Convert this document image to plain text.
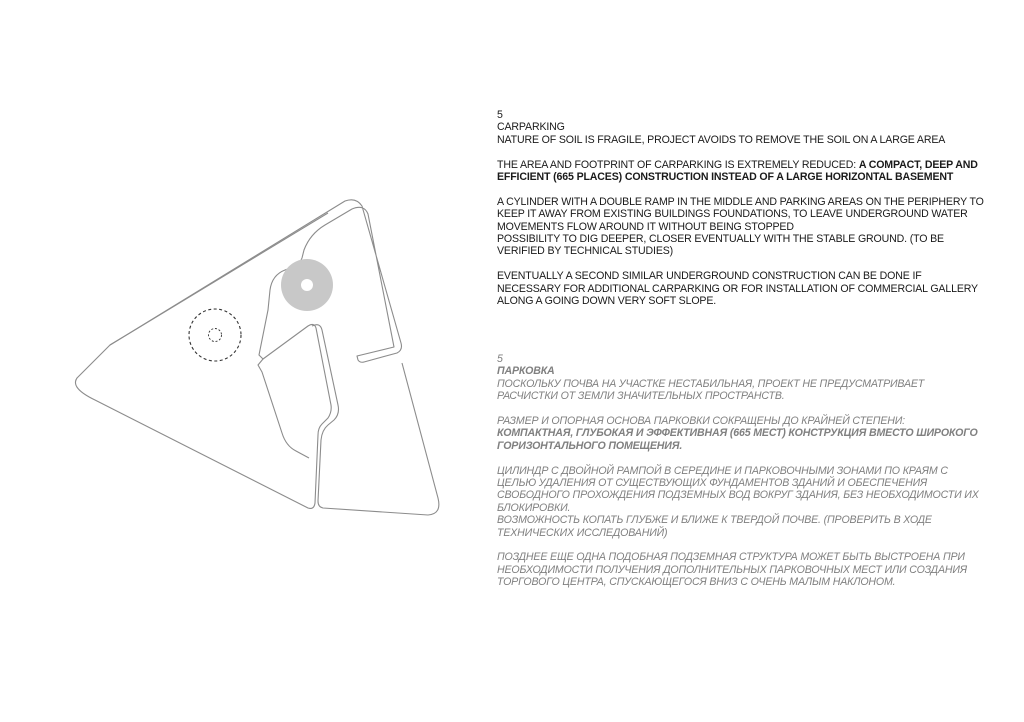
5
CARPARKING

NATURE OF SOIL IS FRAGILE, PROJECT AVOIDS TO REMOVE THE SOIL ON A LARGE AREA

THE AREA AND FOOTPRINT OF CARPARKING IS EXTREMELY REDUCED: A COMPACT, DEEP AND EFFICIENT (665 PLACES) CONSTRUCTION INSTEAD OF A LARGE HORIZONTAL BASEMENT

A CYLINDER WITH A DOUBLE RAMP IN THE MIDDLE AND PARKING AREAS ON THE PERIPHERY TO KEEP IT AWAY FROM EXISTING BUILDINGS FOUNDATIONS, TO LEAVE UNDERGROUND WATER MOVEMENTS FLOW AROUND IT WITHOUT BEING STOPPED

POSSIBILITY TO DIG DEEPER, CLOSER EVENTUALLY WITH THE STABLE GROUND. (TO BE VERIFIED BY TECHNICAL STUDIES)

EVENTUALLY A SECOND SIMILAR UNDERGROUND CONSTRUCTION CAN BE DONE IF NECESSARY FOR ADDITIONAL CARPARKING OR FOR INSTALLATION OF COMMERCIAL GALLERY ALONG A GOING DOWN VERY SOFT SLOPE.

5
ПАРКОВКА

ПОСКОЛЬКУ ПОЧВА НА УЧАСТКЕ НЕСТАБИЛЬНАЯ, ПРОЕКТ НЕ ПРЕДУСМАТРИВАЕТ РАСЧИСТКИ ОТ ЗЕМЛИ ЗНАЧИТЕЛЬНЫХ ПРОСТРАНСТВ.

РАЗМЕР И ОПОРНАЯ ОСНОВА ПАРКОВКИ СОКРАЩЕНЫ ДО КРАЙНЕЙ СТЕПЕНИ:
КОМПАКТНАЯ, ГЛУБОКАЯ И ЭФФЕКТИВНАЯ (665 МЕСТ) КОНСТРУКЦИЯ ВМЕСТО ШИРОКОГО ГОРИЗОНТАЛЬНОГО ПОМЕЩЕНИЯ.

ЦИЛИНДР С ДВОЙНОЙ РАМПОЙ В СЕРЕДИНЕ И ПАРКОВОЧНЫМИ ЗОНАМИ ПО КРАЯМ С ЦЕЛЬЮ УДАЛЕНИЯ ОТ СУЩЕСТВУЮЩИХ ФУНДАМЕНТОВ ЗДАНИЙ И ОБЕСПЕЧЕНИЯ СВОБОДНОГО ПРОХОЖДЕНИЯ ПОДЗЕМНЫХ ВОД ВОКРУГ ЗДАНИЯ, БЕЗ НЕОБХОДИМОСТИ ИХ БЛОКИРОВКИ.

ВОЗМОЖНОСТЬ КОПАТЬ ГЛУБЖЕ И БЛИЖЕ К ТВЕРДОЙ ПОЧВЕ. (ПРОВЕРИТЬ В ХОДЕ ТЕХНИЧЕСКИХ ИССЛЕДОВАНИЙ)

ПОЗДНЕЕ ЕЩЕ ОДНА ПОДОБНАЯ ПОДЗЕМНАЯ СТРУКТУРА МОЖЕТ БЫТЬ ВЫСТРОЕНА ПРИ НЕОБХОДИМОСТИ ПОЛУЧЕНИЯ ДОПОЛНИТЕЛЬНЫХ ПАРКОВОЧНЫХ МЕСТ ИЛИ СОЗДАНИЯ ТОРГОВОГО ЦЕНТРА, СПУСКАЮЩЕГОСЯ ВНИЗ С ОЧЕНЬ МАЛЫМ НАКЛОНОМ.
